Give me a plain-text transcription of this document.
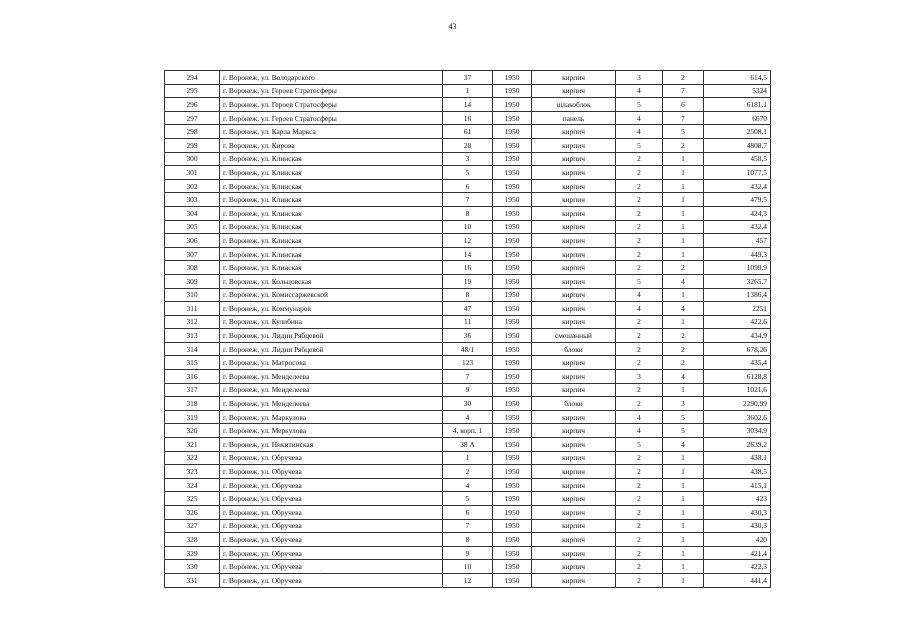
43
294	г. Воронеж, ул. Володарского	37	1950	кирпич	3	2	614,5
295	г. Воронеж, ул. Героев Стратосферы	1	1950	кирпич	4	7	5324
296	г. Воронеж, ул. Героев Стратосферы	14	1950	шлакоблок	5	6	6181,1
297	г. Воронеж, ул. Героев Стратосферы	16	1950	панель	4	7	6670
298	г. Воронеж, ул. Карла Маркса	61	1950	кирпич	4	5	2508,1
299	г. Воронеж, ул. Кирова	28	1950	кирпич	5	2	4808,7
300	г. Воронеж, ул. Клинская	3	1950	кирпич	2	1	458,5
301	г. Воронеж, ул. Клинская	5	1950	кирпич	2	1	1077,5
302	г. Воронеж, ул. Клинская	6	1950	кирпич	2	1	432,4
303	г. Воронеж, ул. Клинская	7	1950	кирпич	2	1	479,5
304	г. Воронеж, ул. Клинская	8	1950	кирпич	2	1	424,3
305	г. Воронеж, ул. Клинская	10	1950	кирпич	2	1	432,4
306	г. Воронеж, ул. Клинская	12	1950	кирпич	2	1	457
307	г. Воронеж, ул. Клинская	14	1950	кирпич	2	1	449,3
308	г. Воронеж, ул. Клинская	16	1950	кирпич	2	2	1099,9
309	г. Воронеж, ул. Кольцовская	19	1950	кирпич	5	4	3265,7
310	г. Воронеж, ул. Комиссаржевской	8	1950	кирпич	4	1	1386,4
311	г. Воронеж, ул. Коммунаров	47	1950	кирпич	4	4	2251
312	г. Воронеж, ул. Кулибина	11	1950	кирпич	2	1	422,6
313	г. Воронеж, ул. Лидии Рябцевой	36	1950	смешанный	2	2	434,9
314	г. Воронеж, ул. Лидии Рябцевой	48/1	1950	блоки	2	2	678,26
315	г. Воронеж, ул. Матросова	123	1950	кирпич	2	2	435,4
316	г. Воронеж, ул. Менделеева	7	1950	кирпич	3	4	6128,8
317	г. Воронеж, ул. Менделеева	9	1950	кирпич	2	1	1021,6
318	г. Воронеж, ул. Менделеева	30	1950	блоки	2	3	2290,99
319	г. Воронеж, ул. Маркулова	4	1950	кирпич	4	5	3602,6
320	г. Воронеж, ул. Меркулова	4, корп. 1	1950	кирпич	4	5	3034,9
321	г. Воронеж, ул. Никитинская	38 А	1950	кирпич	5	4	2639,2
322	г. Воронеж, ул. Обручева	1	1950	кирпич	2	1	438,1
323	г. Воронеж, ул. Обручева	2	1950	кирпич	2	1	438,5
324	г. Воронеж, ул. Обручева	4	1950	кирпич	2	1	415,1
325	г. Воронеж, ул. Обручева	5	1950	кирпич	2	1	423
326	г. Воронеж, ул. Обручева	6	1950	кирпич	2	1	430,3
327	г. Воронеж, ул. Обручева	7	1950	кирпич	2	1	430,3
328	г. Воронеж, ул. Обручева	8	1950	кирпич	2	1	420
329	г. Воронеж, ул. Обручева	9	1950	кирпич	2	1	421,4
330	г. Воронеж, ул. Обручева	10	1950	кирпич	2	1	422,3
331	г. Воронеж, ул. Обручева	12	1950	кирпич	2	1	441,4
.
